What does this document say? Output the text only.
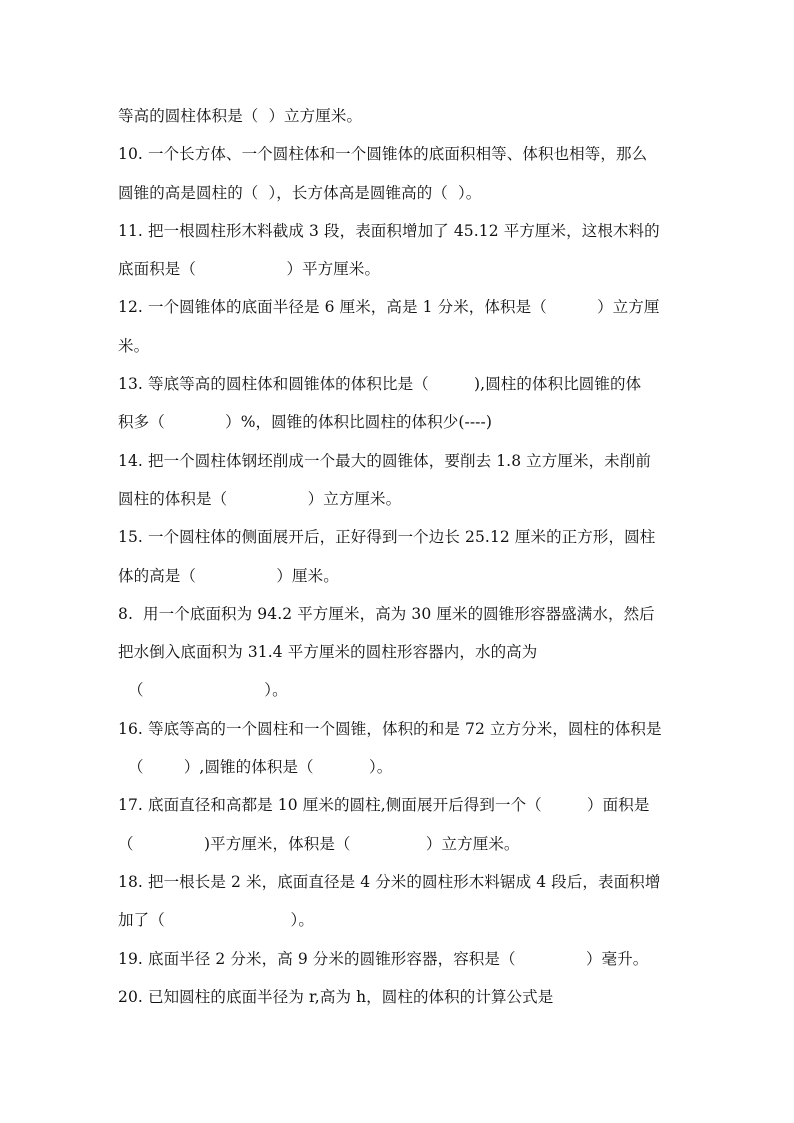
等高的圆柱体积是（  ）立方厘米。
10. 一个长方体、一个圆柱体和一个圆锥体的底面积相等、体积也相等，那么
圆锥的高是圆柱的（  ），长方体高是圆锥高的（  ）。
11. 把一根圆柱形木料截成 3 段，表面积增加了 45.12 平方厘米，这根木料的
底面积是（                  ）平方厘米。
12. 一个圆锥体的底面半径是 6 厘米，高是 1 分米，体积是（          ）立方厘
米。
13. 等底等高的圆柱体和圆锥体的体积比是（         ),圆柱的体积比圆锥的体
积多（            ）%，圆锥的体积比圆柱的体积少(----)
14. 把一个圆柱体钢坯削成一个最大的圆锥体，要削去 1.8 立方厘米，未削前
圆柱的体积是（                ）立方厘米。
15. 一个圆柱体的侧面展开后，正好得到一个边长 25.12 厘米的正方形，圆柱
体的高是（                ）厘米。
8.  用一个底面积为 94.2 平方厘米，高为 30 厘米的圆锥形容器盛满水，然后
把水倒入底面积为 31.4 平方厘米的圆柱形容器内，水的高为
（                        ）。
16. 等底等高的一个圆柱和一个圆锥，体积的和是 72 立方分米，圆柱的体积是
（        ）,圆锥的体积是（           ）。
17. 底面直径和高都是 10 厘米的圆柱,侧面展开后得到一个（         ）面积是
（              )平方厘米，体积是（               ）立方厘米。
18. 把一根长是 2 米，底面直径是 4 分米的圆柱形木料锯成 4 段后，表面积增
加了（                         ）。
19. 底面半径 2 分米，高 9 分米的圆锥形容器，容积是（              ）毫升。
20. 已知圆柱的底面半径为 r,高为 h，圆柱的体积的计算公式是
